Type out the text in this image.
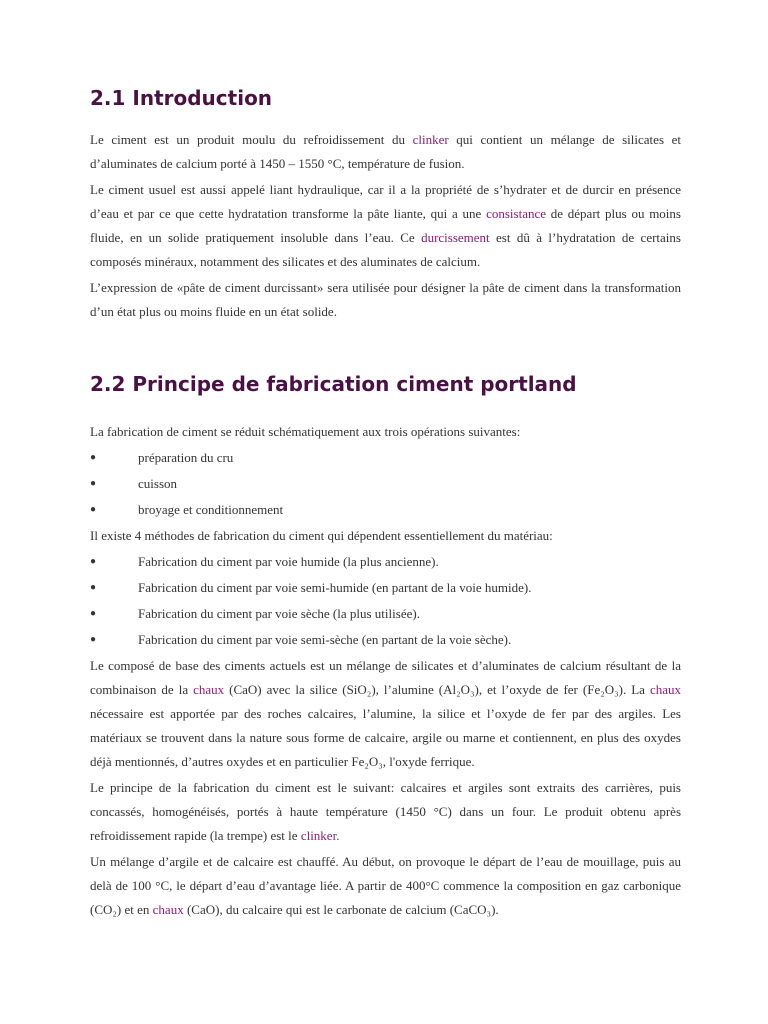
2.1 Introduction

Le ciment est un produit moulu du refroidissement du clinker qui contient un mélange de silicates et d’aluminates de calcium porté à 1450 – 1550 °C, température de fusion.

Le ciment usuel est aussi appelé liant hydraulique, car il a la propriété de s’hydrater et de durcir en présence d’eau et par ce que cette hydratation transforme la pâte liante, qui a une consistance de départ plus ou moins fluide, en un solide pratiquement insoluble dans l’eau. Ce durcissement est dû à l’hydratation de certains composés minéraux, notamment des silicates et des aluminates de calcium.

L’expression de «pâte de ciment durcissant» sera utilisée pour désigner la pâte de ciment dans la transformation d’un état plus ou moins fluide en un état solide.

2.2 Principe de fabrication ciment portland

La fabrication de ciment se réduit schématiquement aux trois opérations suivantes:

●	préparation du cru
●	cuisson
●	broyage et conditionnement

Il existe 4 méthodes de fabrication du ciment qui dépendent essentiellement du matériau:

●	Fabrication du ciment par voie humide (la plus ancienne).
●	Fabrication du ciment par voie semi-humide (en partant de la voie humide).
●	Fabrication du ciment par voie sèche (la plus utilisée).
●	Fabrication du ciment par voie semi-sèche (en partant de la voie sèche).

Le composé de base des ciments actuels est un mélange de silicates et d’aluminates de calcium résultant de la combinaison de la chaux (CaO) avec la silice (SiO₂), l’alumine (Al₂O₃), et l’oxyde de fer (Fe₂O₃). La chaux nécessaire est apportée par des roches calcaires, l’alumine, la silice et l’oxyde de fer par des argiles. Les matériaux se trouvent dans la nature sous forme de calcaire, argile ou marne et contiennent, en plus des oxydes déjà mentionnés, d’autres oxydes et en particulier Fe₂O₃, l'oxyde ferrique.

Le principe de la fabrication du ciment est le suivant: calcaires et argiles sont extraits des carrières, puis concassés, homogénéisés, portés à haute température (1450 °C) dans un four. Le produit obtenu après refroidissement rapide (la trempe) est le clinker.

Un mélange d’argile et de calcaire est chauffé. Au début, on provoque le départ de l’eau de mouillage, puis au delà de 100 °C, le départ d’eau d’avantage liée. A partir de 400°C commence la composition en gaz carbonique (CO₂) et en chaux (CaO), du calcaire qui est le carbonate de calcium (CaCO₃).
